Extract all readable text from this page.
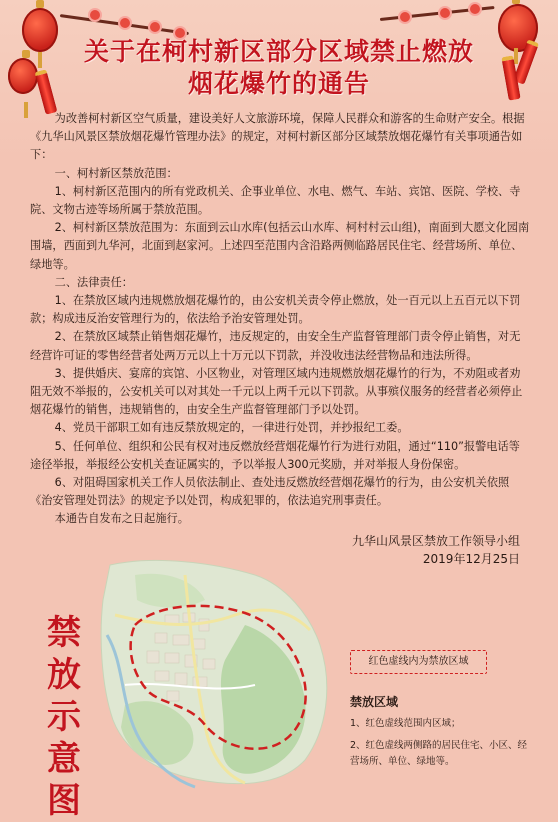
关于在柯村新区部分区域禁止燃放
烟花爆竹的通告

为改善柯村新区空气质量，建设美好人文旅游环境，保障人民群众和游客的生命财产安全。根据《九华山风景区禁放烟花爆竹管理办法》的规定，对柯村新区部分区域禁放烟花爆竹有关事项通告如下：

一、柯村新区禁放范围：

1、柯村新区范围内的所有党政机关、企事业单位、水电、燃气、车站、宾馆、医院、学校、寺院、文物古迹等场所属于禁放范围。

2、柯村新区禁放范围为：东面到云山水库(包括云山水库、柯村村云山组)，南面到大愿文化园南围墙，西面到九华河，北面到赵家河。上述四至范围内含沿路两侧临路居民住宅、经营场所、单位、绿地等。

二、法律责任：

1、在禁放区域内违规燃放烟花爆竹的，由公安机关责令停止燃放，处一百元以上五百元以下罚款；构成违反治安管理行为的，依法给予治安管理处罚。

2、在禁放区域禁止销售烟花爆竹，违反规定的，由安全生产监督管理部门责令停止销售，对无经营许可证的零售经营者处两万元以上十万元以下罚款，并没收违法经营物品和违法所得。

3、提供婚庆、宴席的宾馆、小区物业，对管理区域内违规燃放烟花爆竹的行为，不劝阻或者劝阻无效不举报的，公安机关可以对其处一千元以上两千元以下罚款。从事殡仪服务的经营者必须停止烟花爆竹的销售，违规销售的，由安全生产监督管理部门予以处罚。

4、党员干部职工如有违反禁放规定的，一律进行处罚，并抄报纪工委。

5、任何单位、组织和公民有权对违反燃放经营烟花爆竹行为进行劝阻，通过“110”报警电话等途径举报，举报经公安机关查证属实的，予以举报人300元奖励，并对举报人身份保密。

6、对阻碍国家机关工作人员依法制止、查处违反燃放经营烟花爆竹的行为，由公安机关依照《治安管理处罚法》的规定予以处罚，构成犯罪的，依法追究刑事责任。

本通告自发布之日起施行。

九华山风景区禁放工作领导小组
2019年12月25日
禁
放
示
意
图
红色虚线内为禁放区域
禁放区域
1、红色虚线范围内区域；
2、红色虚线两侧路的居民住宅、小区、经营场所、单位、绿地等。
